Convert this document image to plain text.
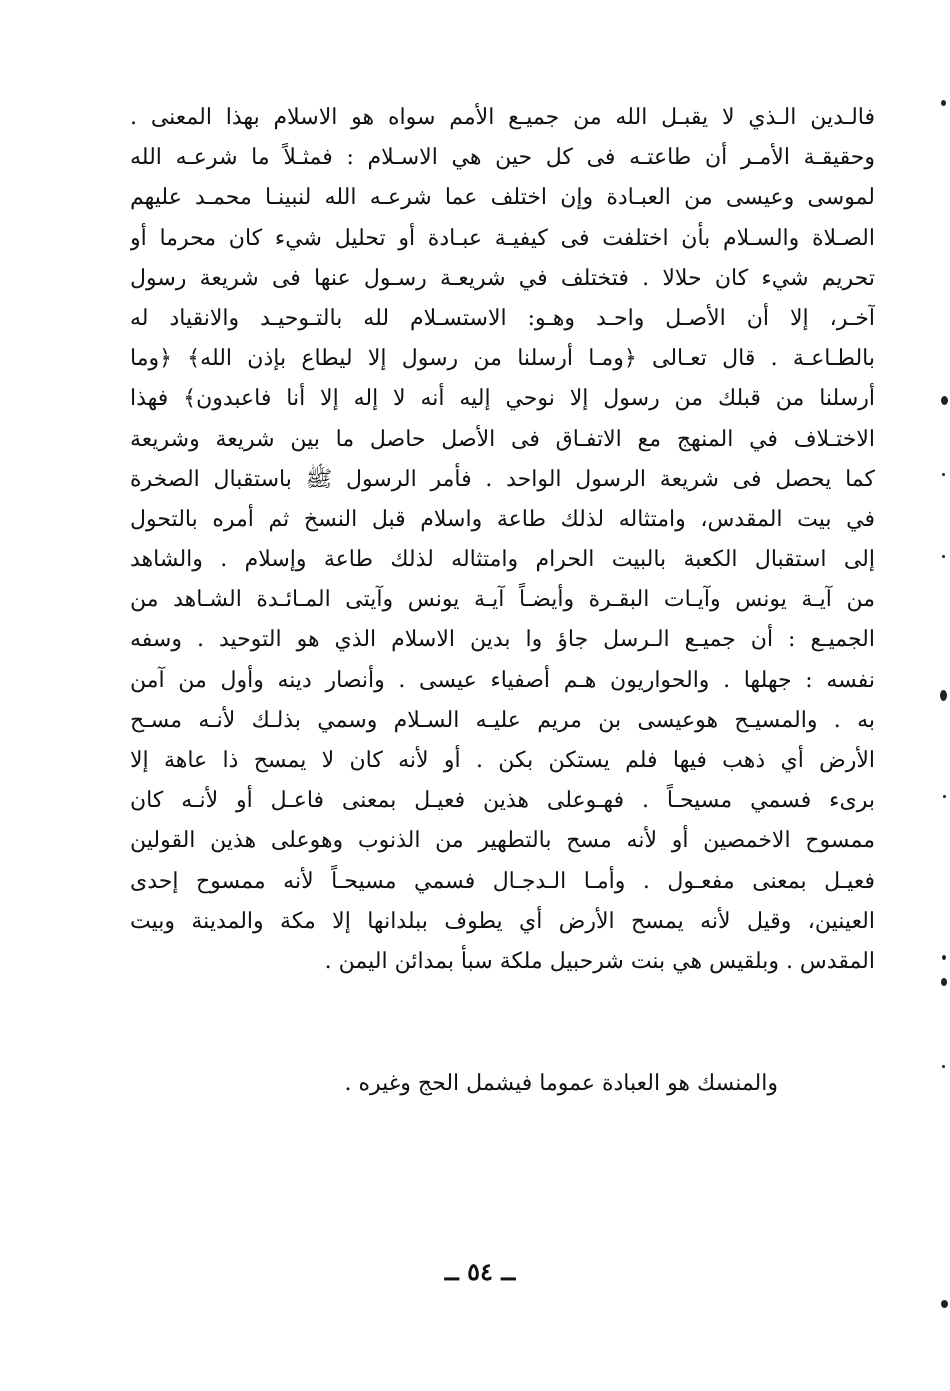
فالـدين الـذي لا يقبـل الله من جميـع الأمم سواه هو الاسلام بهذا المعنى .
وحقيقـة الأمـر أن طاعتـه فى كل حين هي الاسـلام : فمثـلاً ما شرعـه الله
لموسى وعيسى من العبـادة وإن اختلف عما شرعـه الله لنبينـا محمـد عليهم
الصـلاة والسـلام بأن اختلفت فى كيفيـة عبـادة أو تحليل شيء كان محرما أو
تحريم شيء كان حلالا . فتختلف في شريعـة رسـول عنها فى شريعة رسول
آخـر، إلا أن الأصـل واحـد وهـو: الاستسـلام لله بالتـوحيـد والانقياد له
بالطـاعـة . قال تعـالى ﴿ومـا أرسلنا من رسول إلا ليطاع بإذن الله﴾ ﴿وما
أرسلنا من قبلك من رسول إلا نوحي إليه أنه لا إله إلا أنا فاعبدون﴾ فهذا
الاختـلاف في المنهج مع الاتفـاق فى الأصل حاصل ما بين شريعة وشريعة
كما يحصل فى شريعة الرسول الواحد . فأمر الرسول ﷺ باستقبال الصخرة
في بيت المقدس، وامتثاله لذلك طاعة واسلام قبل النسخ ثم أمره بالتحول
إلى استقبال الكعبة بالبيت الحرام وامتثاله لذلك طاعة وإسلام . والشاهد
من آيـة يونس وآيـات البقـرة وأيضـاً آيـة يونس وآيتى المـائـدة الشـاهد من
الجميـع : أن جميـع الـرسل جاؤ وا بدين الاسلام الذي هو التوحيد . وسفه
نفسه : جهلها . والحواريون هـم أصفياء عيسى . وأنصار دينه وأول من آمن
به . والمسيـح هوعيسى بن مريم عليـه السـلام وسمي بذلـك لأنـه مسـح
الأرض أي ذهب فيها فلم يستكن بكن . أو لأنه كان لا يمسح ذا عاهة إلا
برىء فسمي مسيحـاً . فهـوعلى هذين فعيـل بمعنى فاعـل أو لأنـه كان
ممسوح الاخمصين أو لأنه مسح بالتطهير من الذنوب وهوعلى هذين القولين
فعيـل بمعنى مفعـول . وأمـا الـدجـال فسمي مسيحـاً لأنه ممسوح إحدى
العينين، وقيل لأنه يمسح الأرض أي يطوف ببلدانها إلا مكة والمدينة وبيت
المقدس . وبلقيس هي بنت شرحبيل ملكة سبأ بمدائن اليمن .
والمنسك هو العبادة عموما فيشمل الحج وغيره .
ــ ٥٤ ــ
